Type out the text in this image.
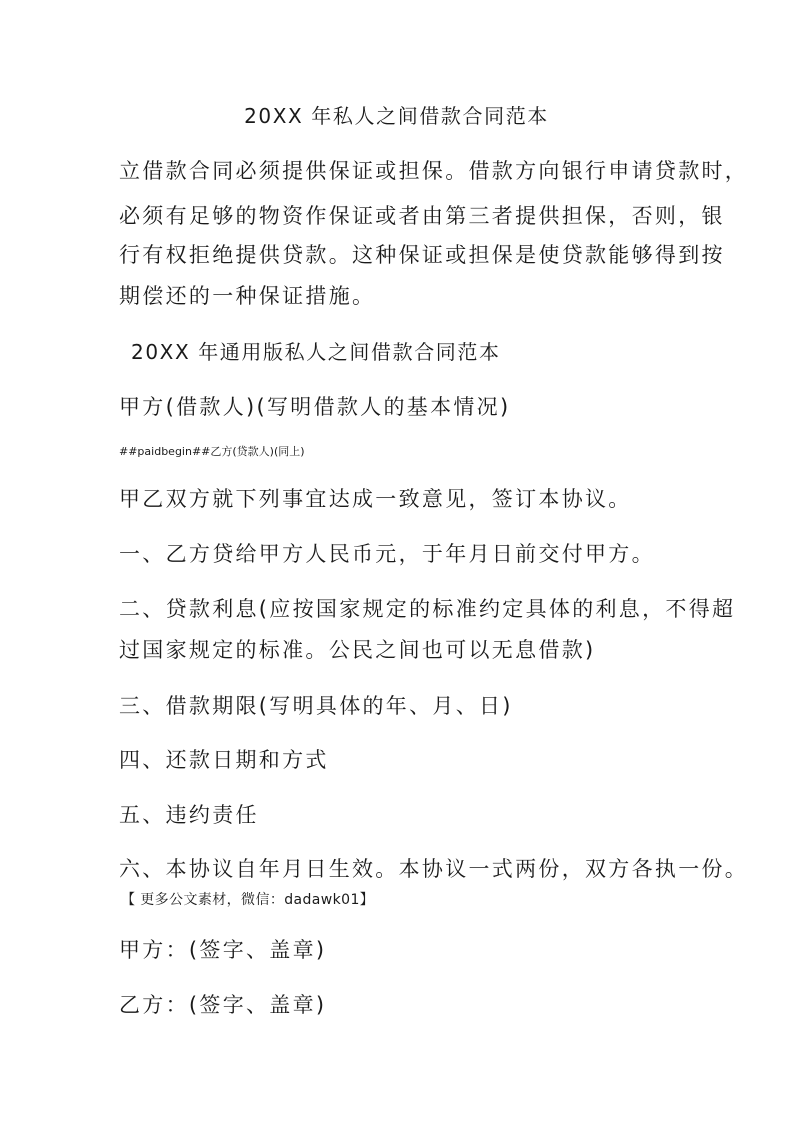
20XX 年私人之间借款合同范本

立借款合同必须提供保证或担保。借款方向银行申请贷款时，

必须有足够的物资作保证或者由第三者提供担保，否则，银

行有权拒绝提供贷款。这种保证或担保是使贷款能够得到按

期偿还的一种保证措施。

20XX 年通用版私人之间借款合同范本

甲方(借款人)(写明借款人的基本情况)

##paidbegin##乙方(贷款人)(同上)

甲乙双方就下列事宜达成一致意见，签订本协议。

一、乙方贷给甲方人民币元，于年月日前交付甲方。

二、贷款利息(应按国家规定的标准约定具体的利息，不得超

过国家规定的标准。公民之间也可以无息借款)

三、借款期限(写明具体的年、月、日)

四、还款日期和方式

五、违约责任

六、本协议自年月日生效。本协议一式两份，双方各执一份。

【 更多公文素材，微信：dadawk01】

甲方：(签字、盖章)

乙方：(签字、盖章)
